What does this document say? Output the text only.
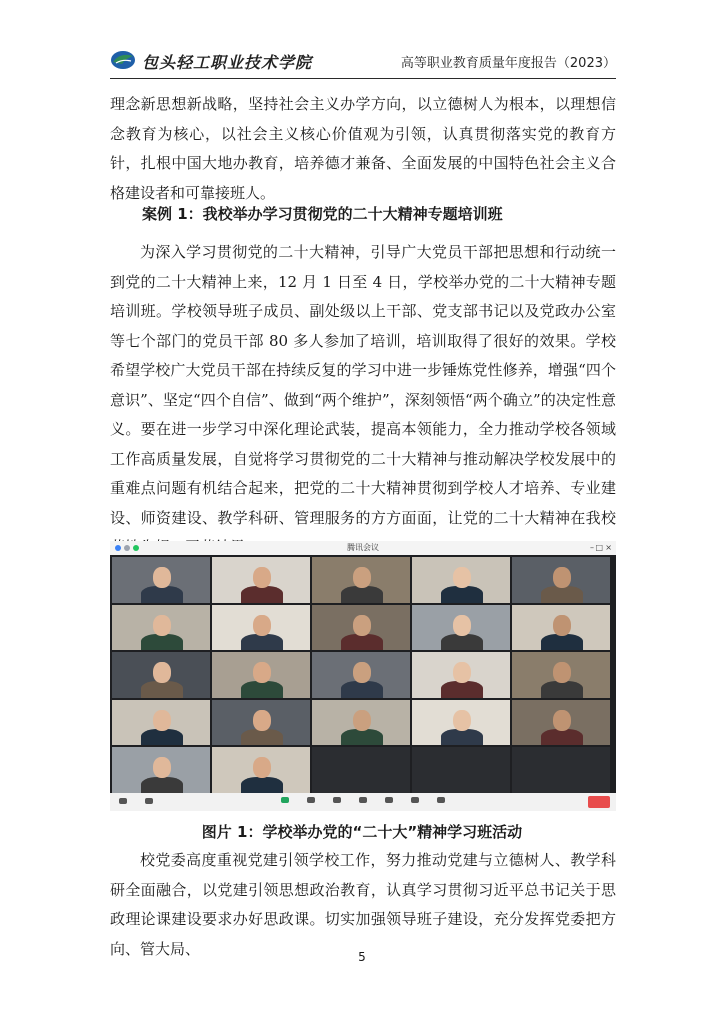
包头轻工职业技术学院	高等职业教育质量年度报告（2023）

理念新思想新战略，坚持社会主义办学方向，以立德树人为根本，以理想信念教育为核心，以社会主义核心价值观为引领，认真贯彻落实党的教育方针，扎根中国大地办教育，培养德才兼备、全面发展的中国特色社会主义合格建设者和可靠接班人。

案例 1：我校举办学习贯彻党的二十大精神专题培训班

为深入学习贯彻党的二十大精神，引导广大党员干部把思想和行动统一到党的二十大精神上来，12 月 1 日至 4 日，学校举办党的二十大精神专题培训班。学校领导班子成员、副处级以上干部、党支部书记以及党政办公室等七个部门的党员干部 80 多人参加了培训，培训取得了很好的效果。学校希望学校广大党员干部在持续反复的学习中进一步锤炼党性修养，增强“四个意识”、坚定“四个自信”、做到“两个维护”，深刻领悟“两个确立”的决定性意义。要在进一步学习中深化理论武装，提高本领能力，全力推动学校各领域工作高质量发展，自觉将学习贯彻党的二十大精神与推动解决学校发展中的重难点问题有机结合起来，把党的二十大精神贯彻到学校人才培养、专业建设、师资建设、教学科研、管理服务的方方面面，让党的二十大精神在我校

腾讯会议	– □ ×
图片 1：学校举办党的“二十大”精神学习班活动

校党委高度重视党建引领学校工作，努力推动党建与立德树人、教学科研全面融合，以党建引领思想政治教育，认真学习贯彻习近平总书记关于思政理论课建设要求办好思政课。切实加强领导班子建设，充分发挥党委把方向、管大局、	5
